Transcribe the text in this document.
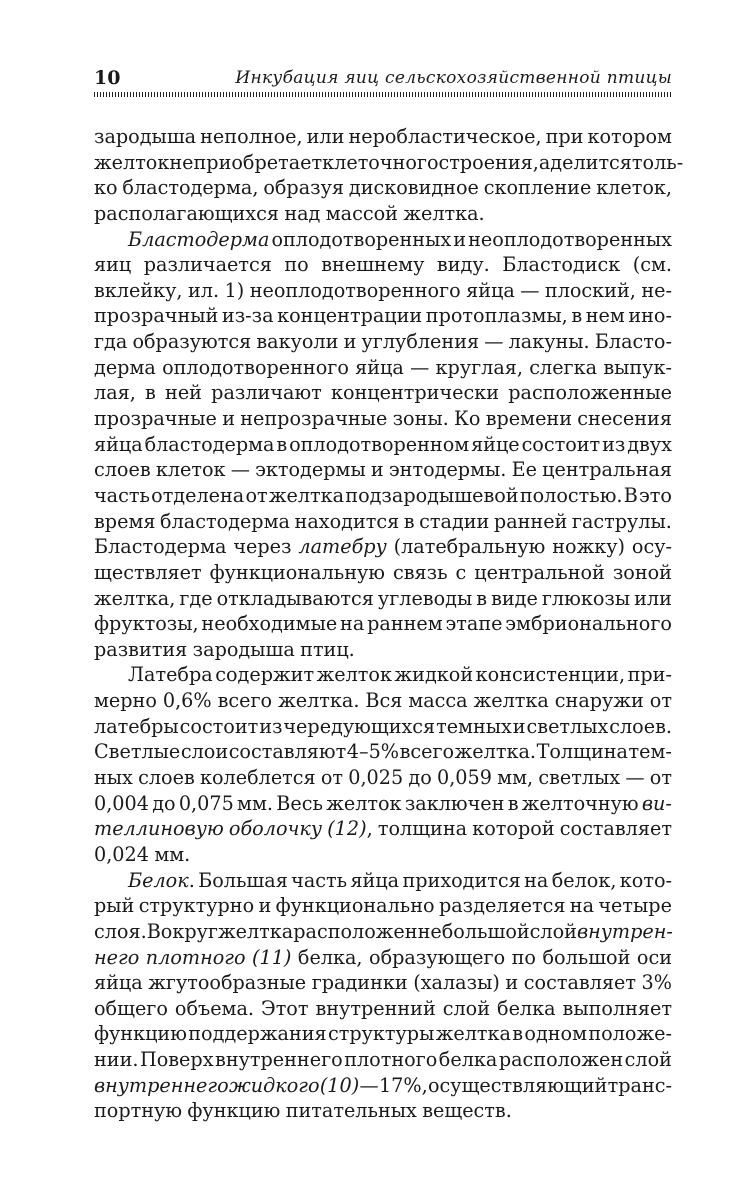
10	Инкубация яиц сельскохозяйственной птицы
зародыша неполное, или неробластическое, при котором
желток не приобретает клеточного строения, а делится толь-
ко бластодерма, образуя дисковидное скопление клеток,
располагающихся над массой желтка.
Бластодерма оплодотворенных и неоплодотворенных
яиц различается по внешнему виду. Бластодиск (см.
вклейку, ил. 1) неоплодотворенного яйца — плоский, не-
прозрачный из-за концентрации протоплазмы, в нем ино-
гда образуются вакуоли и углубления — лакуны. Бласто-
дерма оплодотворенного яйца — круглая, слегка выпук-
лая, в ней различают концентрически расположенные
прозрачные и непрозрачные зоны. Ко времени снесения
яйца бластодерма в оплодотворенном яйце состоит из двух
слоев клеток — эктодермы и энтодермы. Ее центральная
часть отделена от желтка подзародышевой полостью. В это
время бластодерма находится в стадии ранней гаструлы.
Бластодерма через латебру (латебральную ножку) осу-
ществляет функциональную связь с центральной зоной
желтка, где откладываются углеводы в виде глюкозы или
фруктозы, необходимые на раннем этапе эмбрионального
развития зародыша птиц.
Латебра содержит желток жидкой консистенции, при-
мерно 0,6% всего желтка. Вся масса желтка снаружи от
латебры состоит из чередующихся темных и светлых слоев.
Светлые слои составляют 4–5% всего желтка. Толщина тем-
ных слоев колеблется от 0,025 до 0,059 мм, светлых — от
0,004 до 0,075 мм. Весь желток заключен в желточную ви-
теллиновую оболочку (12), толщина которой составляет
0,024 мм.
Белок. Большая часть яйца приходится на белок, кото-
рый структурно и функционально разделяется на четыре
слоя. Вокруг желтка расположен небольшой слой внутрен-
него плотного (11) белка, образующего по большой оси
яйца жгутообразные градинки (халазы) и составляет 3%
общего объема. Этот внутренний слой белка выполняет
функцию поддержания структуры желтка в одном положе-
нии. Поверх внутреннего плотного белка расположен слой
внутреннего жидкого (10) — 17%, осуществляющий транс-
портную функцию питательных веществ.
